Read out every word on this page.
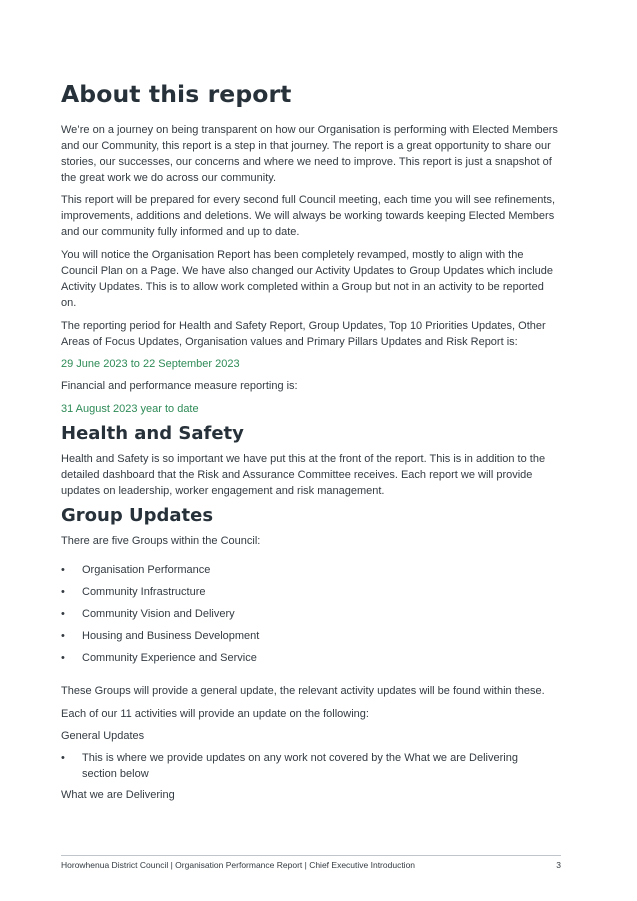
About this report

We’re on a journey on being transparent on how our Organisation is performing with Elected Members and our Community, this report is a step in that journey. The report is a great opportunity to share our stories, our successes, our concerns and where we need to improve. This report is just a snapshot of the great work we do across our community.

This report will be prepared for every second full Council meeting, each time you will see refinements, improvements, additions and deletions. We will always be working towards keeping Elected Members and our community fully informed and up to date.

You will notice the Organisation Report has been completely revamped, mostly to align with the Council Plan on a Page. We have also changed our Activity Updates to Group Updates which include Activity Updates. This is to allow work completed within a Group but not in an activity to be reported on.

The reporting period for Health and Safety Report, Group Updates, Top 10 Priorities Updates, Other Areas of Focus Updates, Organisation values and Primary Pillars Updates and Risk Report is:

29 June 2023 to 22 September 2023

Financial and performance measure reporting is:

31 August 2023 year to date

Health and Safety

Health and Safety is so important we have put this at the front of the report. This is in addition to the detailed dashboard that the Risk and Assurance Committee receives. Each report we will provide updates on leadership, worker engagement and risk management.

Group Updates

There are five Groups within the Council:

• Organisation Performance
• Community Infrastructure
• Community Vision and Delivery
• Housing and Business Development
• Community Experience and Service

These Groups will provide a general update, the relevant activity updates will be found within these.

Each of our 11 activities will provide an update on the following:

General Updates

• This is where we provide updates on any work not covered by the What we are Delivering section below

What we are Delivering

Horowhenua District Council | Organisation Performance Report | Chief Executive Introduction	3
